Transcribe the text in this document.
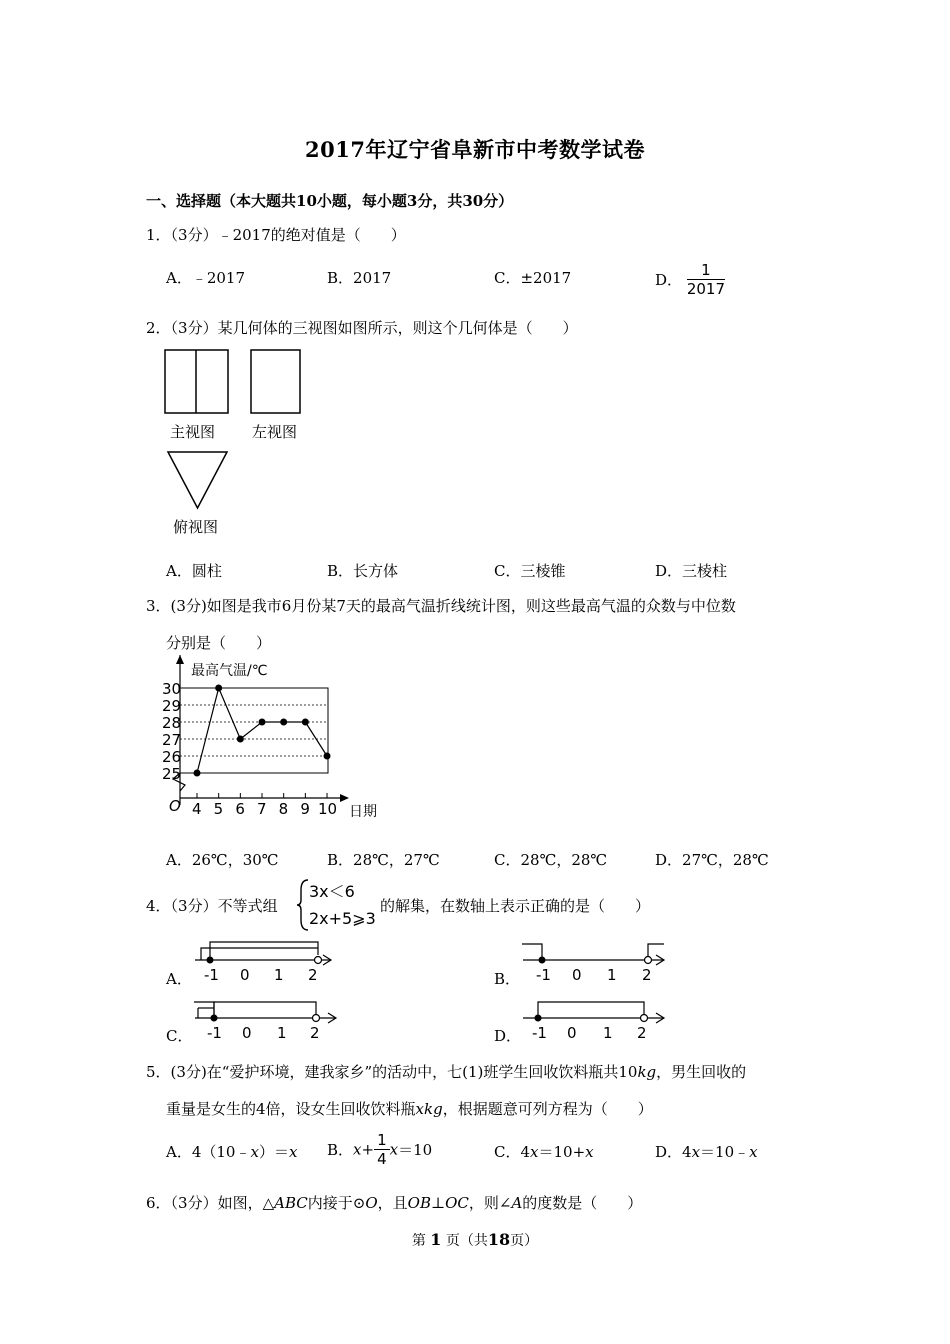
2017年辽宁省阜新市中考数学试卷
一、选择题（本大题共10小题，每小题3分，共30分）
1．（3分）﹣2017的绝对值是（　　）
A．﹣2017	B．2017	C．±2017	D． $\frac{1}{2017}$
2．（3分）某几何体的三视图如图所示，则这个几何体是（　　）
主视图 左视图
俯视图
A．圆柱	B．长方体	C．三棱锥	D．三棱柱
3．(3分)如图是我市6月份某7天的最高气温折线统计图，则这些最高气温的众数与中位数
分别是（　　）
最高气温/℃
日期
O
25
26
27
28
29
30
4 5 6 7 8 9 10
A．26℃，30℃	B．28℃，27℃	C．28℃，28℃	D．27℃，28℃
4．（3分）不等式组
3x＜6
2x+5⩾3
的解集，在数轴上表示正确的是（　　）
A．	B．
C．	D．
-1 0 1 2	-1 0 1 2
-1 0 1 2	-1 0 1 2
5．(3分)在“爱护环境，建我家乡”的活动中，七(1)班学生回收饮料瓶共10kg，男生回收的
重量是女生的4倍，设女生回收饮料瓶xkg，根据题意可列方程为（　　）
A．4（10﹣x）＝x B．$x+ \frac{1}{4} x=10$	C．4x＝10+x	D．4x＝10﹣x
6．（3分）如图，△ABC内接于⊙O，且OB⊥OC，则∠A的度数是（　　）
第 1 页（共18页）
